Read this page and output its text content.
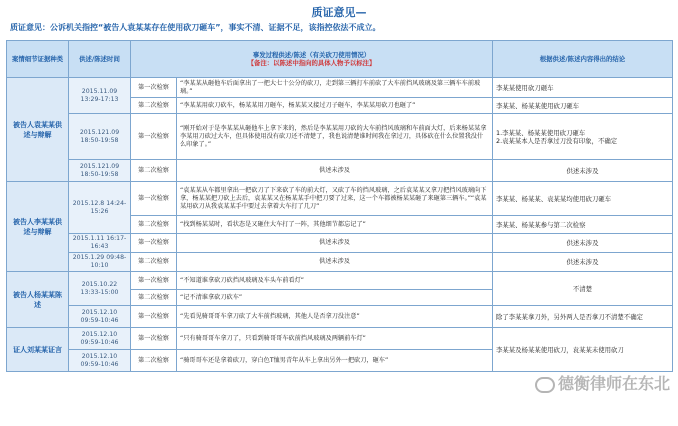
质证意见—
质证意见：公诉机关指控“被告人袁某某存在使用砍刀砸车”，事实不清、证据不足，该指控依法不成立。
案情细节证据种类	供述/陈述时间	事发过程供述/陈述（有关砍刀使用情况）
【备注：以陈述中指向的具体人物予以标注】		根据供述/陈述内容得出的结论
被告人袁某某供述与辩解	2015.11.09 13:29-17:13	第一次检察	“李某某从砸他车后面拿出了一把大七十公分的砍刀，走到第三辆打车前砍了大车前挡风玻璃及第三辆车车前玻璃。”	李某某使用砍刀砸车
		第二次检察	“李某某用砍刀砍车，杨某某用刀砸车，杨某某又接过刀子砸车，李某某用砍刀也砸了”	李某某、杨某某使用砍刀砸车
	2015.121.09 18:50-19:58	第一次检察	“刚开始对于是李某某从砸他车上拿下来的，然后是李某某用刀砍的大车前挡风玻璃和车前面大灯，后来杨某某拿李某用刀砍过大车，但具体使用没有砍刀还不清楚了，我也说清楚谁时间我在拿过刀，具体砍在什么位置我没什么印象了。”	1.李某某、杨某某使用砍刀砸车
2.袁某某本人是否拿过刀没有印象，不确定
	2015.121.09 18:50-19:58	第二次检察	供述未涉及	供述未涉及
被告人李某某供述与辩解	2015.12.8 14:24-15:26	第一次检察	“袁某某从车都里拿出一把砍刀了下来砍了车的前大灯，又砍了车的挡风玻璃，之后袁某某又拿刀把挡风玻璃向下拿，杨某某把刀砍上去后，袁某某又在杨某某手中把刀要了过来，这一个车都被杨某某砸了来砸第三辆车。”“袁某某用砍刀从我袁某某手中要过去拿着大车打了几刀”	李某某、杨某某、袁某某均使用砍刀砸车
		第二次检察	“找到杨某某时，看状态是又砸住大车打了一阵，其他细节都忘记了”	李某某、杨某某参与第二次检察
	2015.1.11 16:17-16:43	第一次检察	供述未涉及	供述未涉及
	2015.1.29 09:48-10:10	第二次检察	供述未涉及	供述未涉及
被告人杨某某陈述	2015.10.22 13:33-15:00	第一次检察	“不知道谁拿砍刀砍挡风玻璃及车头车前看灯”	不清楚
		第二次检察	“记不清谁拿砍刀砍车”	
	2015.12.10 09:59-10:46	第一次检察	“先看见骑哥哥车拿刀砍了大车前挡玻璃，其他人是否拿刀没注意”	除了李某某拿刀外，另外两人是否拿刀不清楚不确定
证人刘某某证言	2015.12.10 09:59-10:46	第一次检察	“只有骑哥哥车拿刀了，只看到骑哥哥车砍前挡风玻璃及两辆前车灯”	李某某及杨某某使用砍刀，袁某某未使用砍刀
	2015.12.10 09:59-10:46	第二次检察	“骑哥哥车还是拿着砍刀，穿白色T恤男青年从车上拿出另外一把砍刀，砸车”	
德衡律师在东北
